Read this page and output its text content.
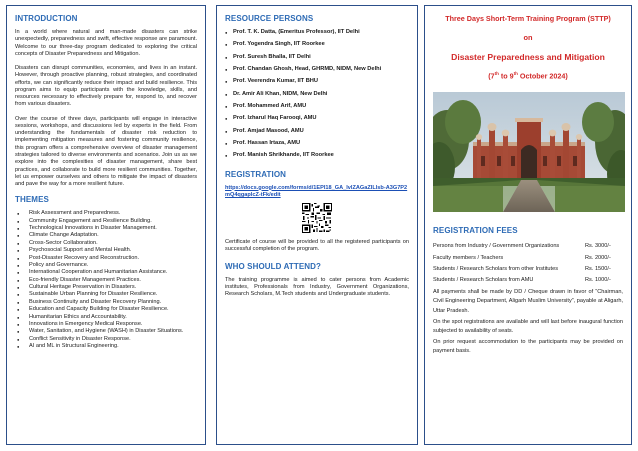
INTRODUCTION

In a world where natural and man-made disasters can strike unexpectedly, preparedness and swift, effective response are paramount. Welcome to our three-day program dedicated to exploring the critical concepts of Disaster Preparedness and Mitigation.

Disasters can disrupt communities, economies, and lives in an instant. However, through proactive planning, robust strategies, and coordinated efforts, we can significantly reduce their impact and build resilience. This program aims to equip participants with the knowledge, skills, and resources necessary to effectively prepare for, respond to, and recover from various disasters.

Over the course of three days, participants will engage in interactive sessions, workshops, and discussions led by experts in the field. From understanding the fundamentals of disaster risk reduction to implementing mitigation measures and fostering community resilience, this program offers a comprehensive overview of disaster management strategies tailored to diverse environments and scenarios. Join us as we explore into the complexities of disaster management, share best practices, and collaborate to build more resilient communities. Together, let us empower ourselves and others to mitigate the impact of disasters and pave the way for a more resilient future.

THEMES
● Risk Assessment and Preparedness.
● Community Engagement and Resilience Building.
● Technological Innovations in Disaster Management.
● Climate Change Adaptation.
● Cross-Sector Collaboration.
● Psychosocial Support and Mental Health.
● Post-Disaster Recovery and Reconstruction.
● Policy and Governance.
● International Cooperation and Humanitarian Assistance.
● Eco-friendly Disaster Management Practices.
● Cultural Heritage Preservation in Disasters.
● Sustainable Urban Planning for Disaster Resilience.
● Business Continuity and Disaster Recovery Planning.
● Education and Capacity Building for Disaster Resilience.
● Humanitarian Ethics and Accountability.
● Innovations in Emergency Medical Response.
● Water, Sanitation, and Hygiene (WASH) in Disaster Situations.
● Conflict Sensitivity in Disaster Response.
● AI and ML in Structural Engineering.
RESOURCE PERSONS
● Prof. T. K. Datta, (Emeritus Professor), IIT Delhi
● Prof. Yogendra Singh, IIT Roorkee
● Prof. Suresh Bhalla, IIT Delhi
● Prof. Chandan Ghosh, Head, GHRMD, NIDM, New Delhi
● Prof. Veerendra Kumar, IIT BHU
● Dr. Amir Ali Khan, NIDM, New Delhi
● Prof. Mohammed Arif, AMU
● Prof. Izharul Haq Farooqi, AMU
● Prof. Amjad Masood, AMU
● Prof. Hassan Irtaza, AMU
● Prof. Manish Shrikhande, IIT Roorkee
REGISTRATION
https://docs.google.com/forms/d/1EPI18_GA_lvlZAGaZILlsb-A3G7P2mQ4qgaplcZ-tFk/edit

Certificate of course will be provided to all the registered participants on successful completion of the program.

WHO SHOULD ATTEND?

The training programme is aimed to cater persons from Academic institutes, Professionals from Industry, Government Organizations, Research Scholars, M.Tech students and Undergraduate students.

Three Days Short-Term Training Program (STTP)
on
Disaster Preparedness and Mitigation
(7th to 9th October 2024)
REGISTRATION FEES
Persons from Industry / Government Organizations	Rs. 3000/-
Faculty members / Teachers	Rs. 2000/-
Students / Research Scholars from other Institutes	Rs. 1500/-
Students / Research Scholars from AMU	Rs. 1000/-

All payments shall be made by DD / Cheque drawn in favor of “Chairman, Civil Engineering Department, Aligarh Muslim University”, payable at Aligarh, Uttar Pradesh.

On the spot registrations are available and will last before inaugural function subjected to availability of seats.

On prior request accommodation to the participants may be provided on payment basis.
